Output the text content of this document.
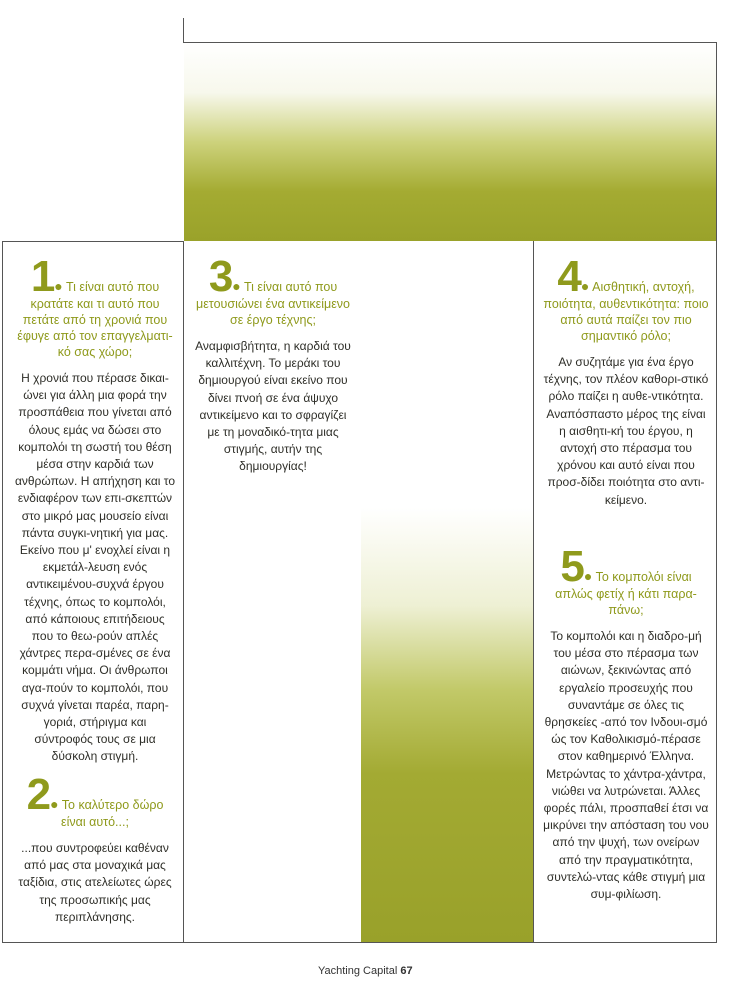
1● Τι είναι αυτό που κρατάτε και τι αυτό που πετάτε από τη χρονιά που έφυγε από τον επαγγελματι-κό σας χώρο;
Η χρονιά που πέρασε δικαι-ώνει για άλλη μια φορά την προσπάθεια που γίνεται από όλους εμάς να δώσει στο κομπολόι τη σωστή του θέση μέσα στην καρδιά των ανθρώπων. Η απήχηση και το ενδιαφέρον των επι-σκεπτών στο μικρό μας μουσείο είναι πάντα συγκι-νητική για μας. Εκείνο που μ' ενοχλεί είναι η εκμετάλ-λευση ενός αντικειμένου-συχνά έργου τέχνης, όπως το κομπολόι, από κάποιους επιτήδειους που το θεω-ρούν απλές χάντρες περα-σμένες σε ένα κομμάτι νήμα. Οι άνθρωποι αγα-πούν το κομπολόι, που συχνά γίνεται παρέα, παρη-γοριά, στήριγμα και σύντροφός τους σε μια δύσκολη στιγμή.
2● Το καλύτερο δώρο είναι αυτό...;
...που συντροφεύει καθέναν από μας στα μοναχικά μας ταξίδια, στις ατελείωτες ώρες της προσωπικής μας περιπλάνησης.
3● Τι είναι αυτό που μετουσιώνει ένα αντικείμενο σε έργο τέχνης;
Αναμφισβήτητα, η καρδιά του καλλιτέχνη. Το μεράκι του δημιουργού είναι εκείνο που δίνει πνοή σε ένα άψυχο αντικείμενο και το σφραγίζει με τη μοναδικό-τητα μιας στιγμής, αυτήν της δημιουργίας!
4● Αισθητική, αντοχή, ποιότητα, αυθεντικότητα: ποιο από αυτά παίζει τον πιο σημαντικό ρόλο;
Αν συζητάμε για ένα έργο τέχνης, τον πλέον καθορι-στικό ρόλο παίζει η αυθε-ντικότητα. Αναπόσπαστο μέρος της είναι η αισθητι-κή του έργου, η αντοχή στο πέρασμα του χρόνου και αυτό είναι που προσ-δίδει ποιότητα στο αντι-κείμενο.
5● Το κομπολόι είναι απλώς φετίχ ή κάτι παρα-πάνω;
Το κομπολόι και η διαδρο-μή του μέσα στο πέρασμα των αιώνων, ξεκινώντας από εργαλείο προσευχής που συναντάμε σε όλες τις θρησκείες -από τον Ινδουι-σμό ώς τον Καθολικισμό-πέρασε στον καθημερινό Έλληνα. Μετρώντας το χάντρα-χάντρα, νιώθει να λυτρώνεται. Άλλες φορές πάλι, προσπαθεί έτσι να μικρύνει την απόσταση του νου από την ψυχή, των ονείρων από την πραγματικότητα, συντελώ-ντας κάθε στιγμή μια συμ-φιλίωση.
Yachting Capital 67
